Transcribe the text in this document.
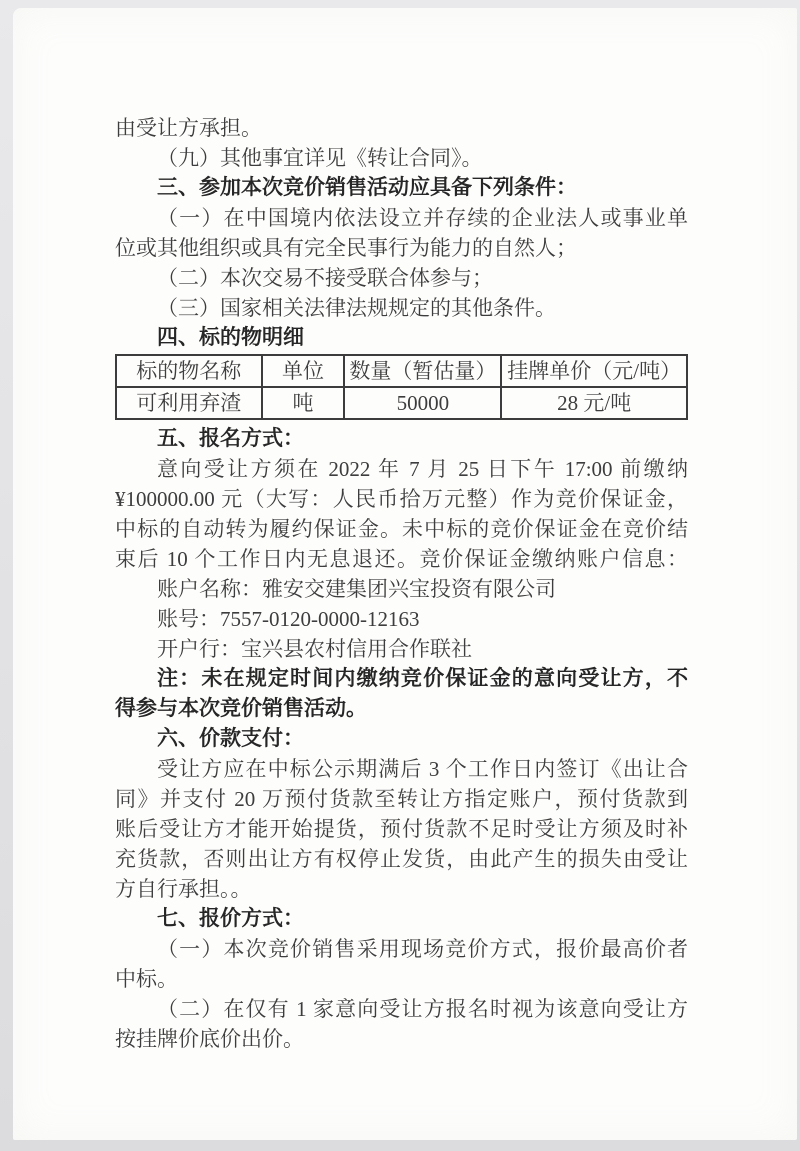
由受让方承担。

（九）其他事宜详见《转让合同》。

三、参加本次竞价销售活动应具备下列条件：

（一）在中国境内依法设立并存续的企业法人或事业单

位或其他组织或具有完全民事行为能力的自然人；

（二）本次交易不接受联合体参与；

（三）国家相关法律法规规定的其他条件。

四、标的物明细

标的物名称	单位	数量（暂估量）	挂牌单价（元/吨）
可利用弃渣	吨	50000	28 元/吨

五、报名方式：

意向受让方须在 2022 年 7 月 25 日下午 17:00 前缴纳

¥100000.00 元（大写：人民币拾万元整）作为竞价保证金，

中标的自动转为履约保证金。未中标的竞价保证金在竞价结

束后 10 个工作日内无息退还。竞价保证金缴纳账户信息：

账户名称：雅安交建集团兴宝投资有限公司

账号：7557-0120-0000-12163

开户行：宝兴县农村信用合作联社

注：未在规定时间内缴纳竞价保证金的意向受让方，不

得参与本次竞价销售活动。

六、价款支付：

受让方应在中标公示期满后 3 个工作日内签订《出让合

同》并支付 20 万预付货款至转让方指定账户，预付货款到

账后受让方才能开始提货，预付货款不足时受让方须及时补

充货款，否则出让方有权停止发货，由此产生的损失由受让

方自行承担。。

七、报价方式：

（一）本次竞价销售采用现场竞价方式，报价最高价者

中标。

（二）在仅有 1 家意向受让方报名时视为该意向受让方

按挂牌价底价出价。
